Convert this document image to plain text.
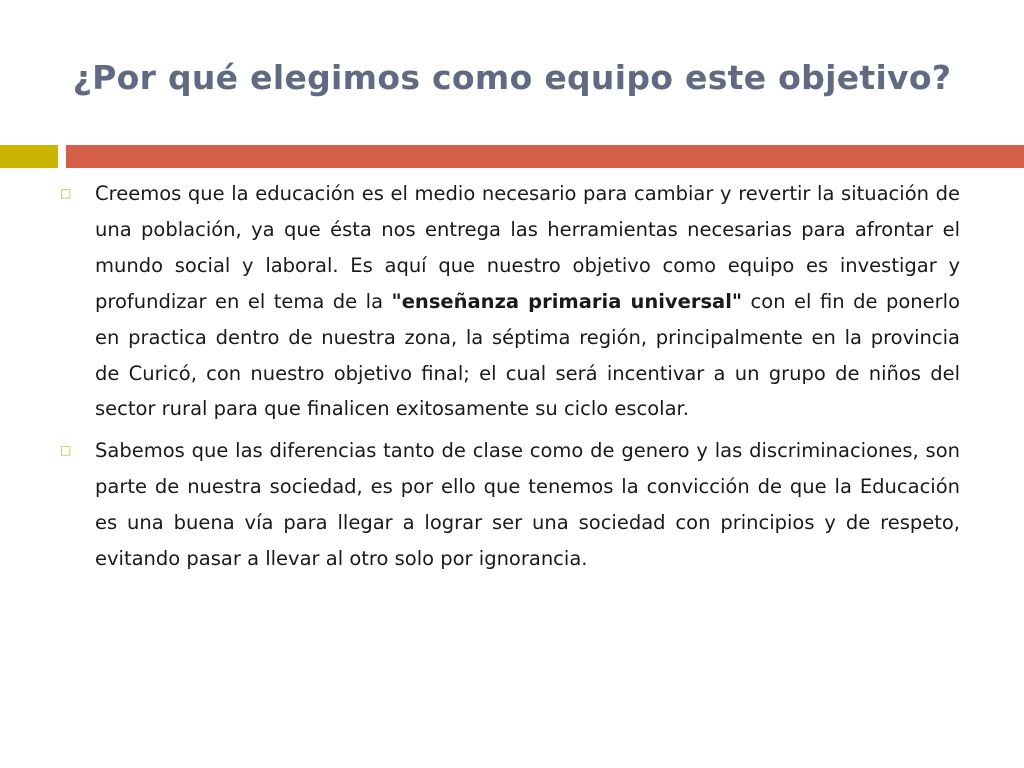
¿Por qué elegimos como equipo este objetivo?
□	Creemos que la educación es el medio necesario para cambiar y revertir la situación de una población, ya que ésta nos entrega las herramientas necesarias para afrontar el mundo social y laboral. Es aquí que nuestro objetivo como equipo es investigar y profundizar en el tema de la "enseñanza primaria universal" con el fin de ponerlo en practica dentro de nuestra zona, la séptima región, principalmente en la provincia de Curicó, con nuestro objetivo final; el cual será incentivar a un grupo de niños del sector rural para que finalicen exitosamente su ciclo escolar.

□	Sabemos que las diferencias tanto de clase como de genero y las discriminaciones, son parte de nuestra sociedad, es por ello que tenemos la convicción de que la Educación es una buena vía para llegar a lograr ser una sociedad con principios y de respeto, evitando pasar a llevar al otro solo por ignorancia.
